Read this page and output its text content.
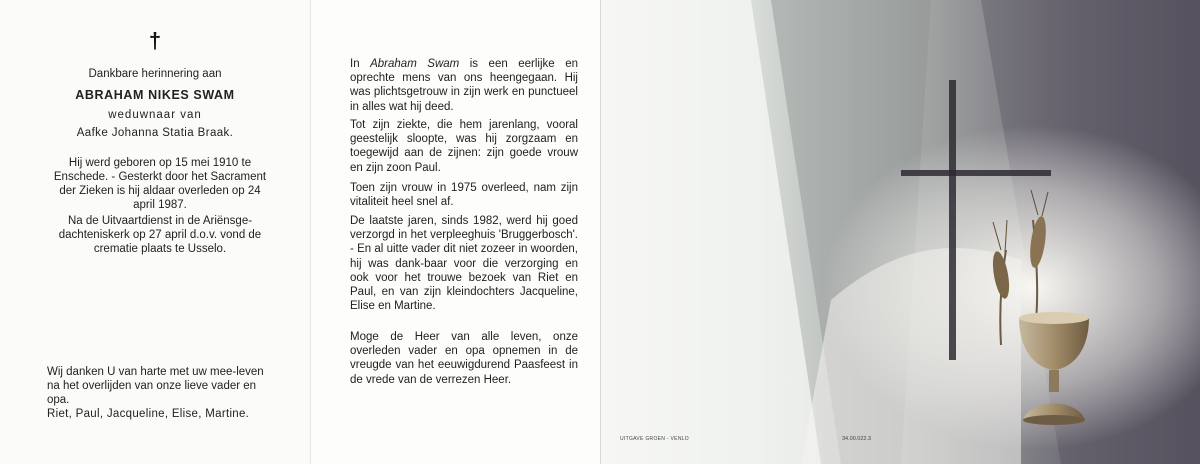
†
Dankbare herinnering aan
ABRAHAM NIKES SWAM
weduwnaar van
Aafke Johanna Statia Braak.
Hij werd geboren op 15 mei 1910 te Enschede. - Gesterkt door het Sacrament der Zieken is hij aldaar overleden op 24 april 1987.
Na de Uitvaartdienst in de Ariënsge-dachteniskerk op 27 april d.o.v. vond de crematie plaats te Usselo.
Wij danken U van harte met uw mee-leven na het overlijden van onze lieve vader en opa.
Riet, Paul, Jacqueline, Elise, Martine.
In Abraham Swam is een eerlijke en oprechte mens van ons heengegaan. Hij was plichtsgetrouw in zijn werk en punctueel in alles wat hij deed.
Tot zijn ziekte, die hem jarenlang, vooral geestelijk sloopte, was hij zorgzaam en toegewijd aan de zijnen: zijn goede vrouw en zijn zoon Paul.
Toen zijn vrouw in 1975 overleed, nam zijn vitaliteit heel snel af.
De laatste jaren, sinds 1982, werd hij goed verzorgd in het verpleeghuis 'Bruggerbosch'. - En al uitte vader dit niet zozeer in woorden, hij was dank-baar voor die verzorging en ook voor het trouwe bezoek van Riet en Paul, en van zijn kleindochters Jacqueline, Elise en Martine.
Moge de Heer van alle leven, onze overleden vader en opa opnemen in de vreugde van het eeuwigdurend Paasfeest in de vrede van de verrezen Heer.
UITGAVE GROEN - VENLO	34.00.022.3
